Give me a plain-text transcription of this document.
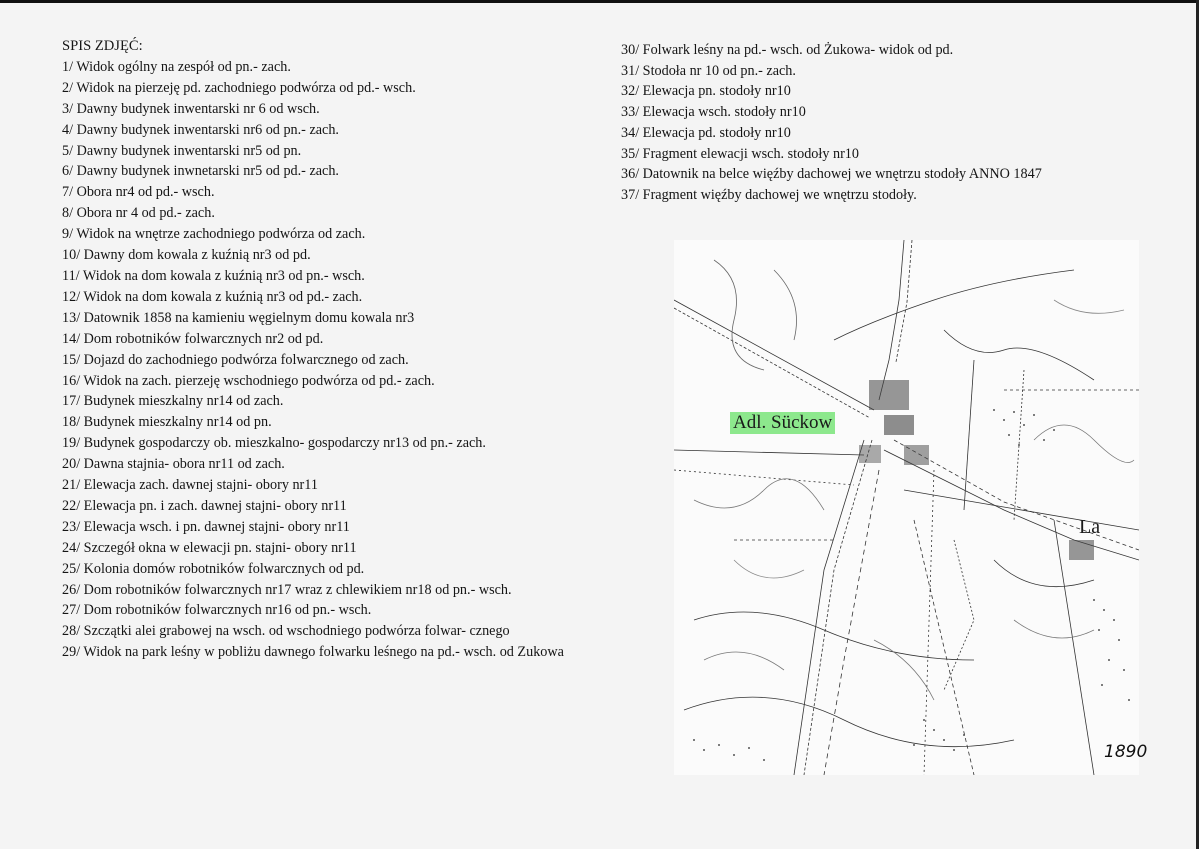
SPIS ZDJĘĆ:
1/ Widok ogólny na zespół od pn.- zach.
2/ Widok na pierzeję pd. zachodniego podwórza od pd.- wsch.
3/ Dawny budynek inwentarski nr 6 od wsch.
4/ Dawny budynek inwentarski nr6 od pn.- zach.
5/ Dawny budynek inwentarski nr5 od pn.
6/ Dawny budynek inwnetarski nr5 od pd.- zach.
7/ Obora nr4 od pd.- wsch.
8/ Obora nr 4 od pd.- zach.
9/ Widok na wnętrze zachodniego podwórza od zach.
10/ Dawny dom kowala z kuźnią nr3 od pd.
11/ Widok na dom kowala z kuźnią nr3 od pn.- wsch.
12/ Widok na dom kowala z kuźnią nr3 od pd.- zach.
13/ Datownik 1858 na kamieniu węgielnym domu kowala nr3
14/ Dom robotników folwarcznych nr2 od pd.
15/ Dojazd do zachodniego podwórza folwarcznego od zach.
16/ Widok na zach. pierzeję wschodniego podwórza od pd.- zach.
17/ Budynek mieszkalny nr14 od zach.
18/ Budynek mieszkalny nr14 od pn.
19/ Budynek gospodarczy ob. mieszkalno- gospodarczy nr13 od pn.- zach.
20/ Dawna stajnia- obora nr11 od zach.
21/ Elewacja zach. dawnej stajni- obory nr11
22/ Elewacja pn. i zach. dawnej stajni- obory nr11
23/ Elewacja wsch. i pn. dawnej stajni- obory nr11
24/ Szczegół okna w elewacji pn. stajni- obory nr11
25/ Kolonia domów robotników folwarcznych od pd.
26/ Dom robotników folwarcznych nr17 wraz z chlewikiem nr18 od pn.- wsch.
27/ Dom robotników folwarcznych nr16 od pn.- wsch.
28/ Szczątki alei grabowej na wsch. od wschodniego podwórza folwar- cznego
29/ Widok na park leśny w pobliżu dawnego folwarku leśnego na pd.- wsch. od Zukowa
30/ Folwark leśny na pd.- wsch. od Żukowa- widok od pd.
31/ Stodoła nr 10 od pn.- zach.
32/ Elewacja pn. stodoły nr10
33/ Elewacja wsch. stodoły nr10
34/ Elewacja pd. stodoły nr10
35/ Fragment elewacji wsch. stodoły nr10
36/ Datownik na belce więźby dachowej we wnętrzu stodoły ANNO 1847
37/ Fragment więźby dachowej we wnętrzu stodoły.
Adl. Sückow
La
1890
